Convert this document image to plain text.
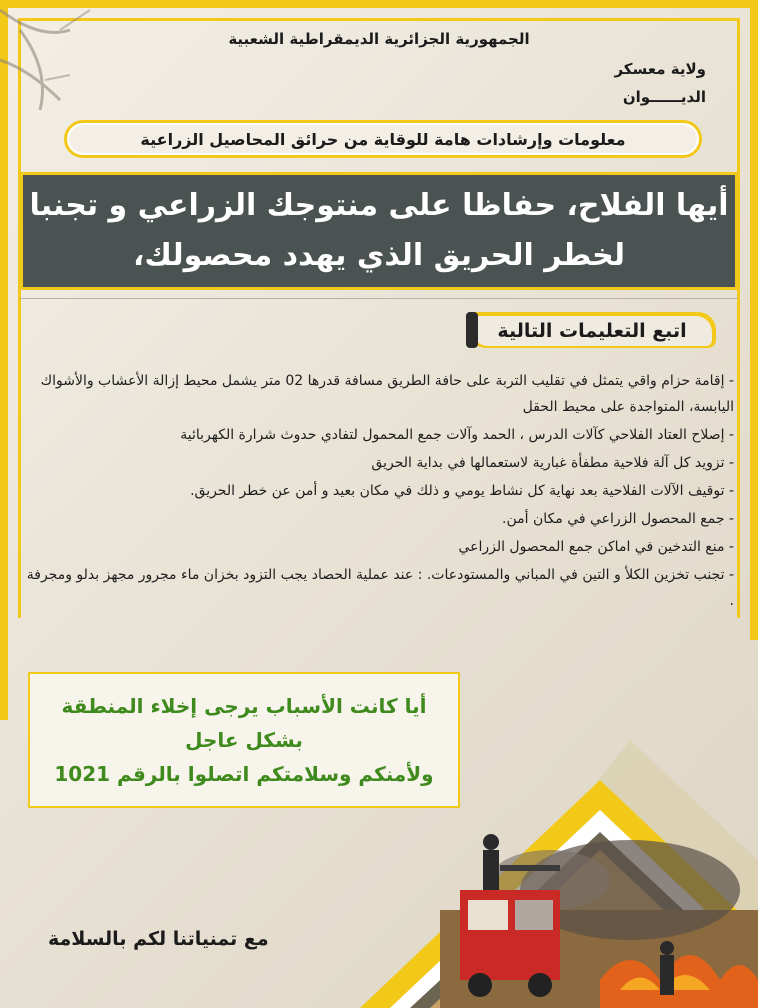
الجمهورية الجزائرية الديمقراطية الشعبية
ولاية معسكر
الديــــــوان
معلومات وإرشادات هامة للوقاية من حرائق المحاصيل الزراعية
أيها الفلاح، حفاظا على منتوجك الزراعي و تجنبا
لخطر الحريق الذي يهدد محصولك،
اتبع التعليمات التالية
- إقامة حزام واقي يتمثل في تقليب التربة على حافة الطريق مسافة قدرها 02 متر يشمل محيط إزالة الأعشاب والأشواك اليابسة، المتواجدة على محيط الحقل
- إصلاح العتاد الفلاحي كآلات الدرس ، الحمد وآلات جمع المحمول لتفادي حدوث شرارة الكهربائية
- تزويد كل آلة فلاحية مطفأة غبارية لاستعمالها في بداية الحريق
- توقيف الآلات الفلاحية بعد نهاية كل نشاط يومي و ذلك في مكان بعيد و أمن عن خطر الحريق.
- جمع المحصول الزراعي في مكان أمن.
- منع التدخين في اماكن جمع المحصول الزراعي
- تجنب تخزين الكلأ و التين في المباني والمستودعات. : عند عملية الحصاد يجب التزود بخزان ماء مجرور مجهز بدلو ومجرفة .
أيا كانت الأسباب يرجى إخلاء المنطقة
بشكل عاجل
ولأمنكم وسلامتكم اتصلوا بالرقم 1021
مع تمنياتنا لكم بالسلامة
